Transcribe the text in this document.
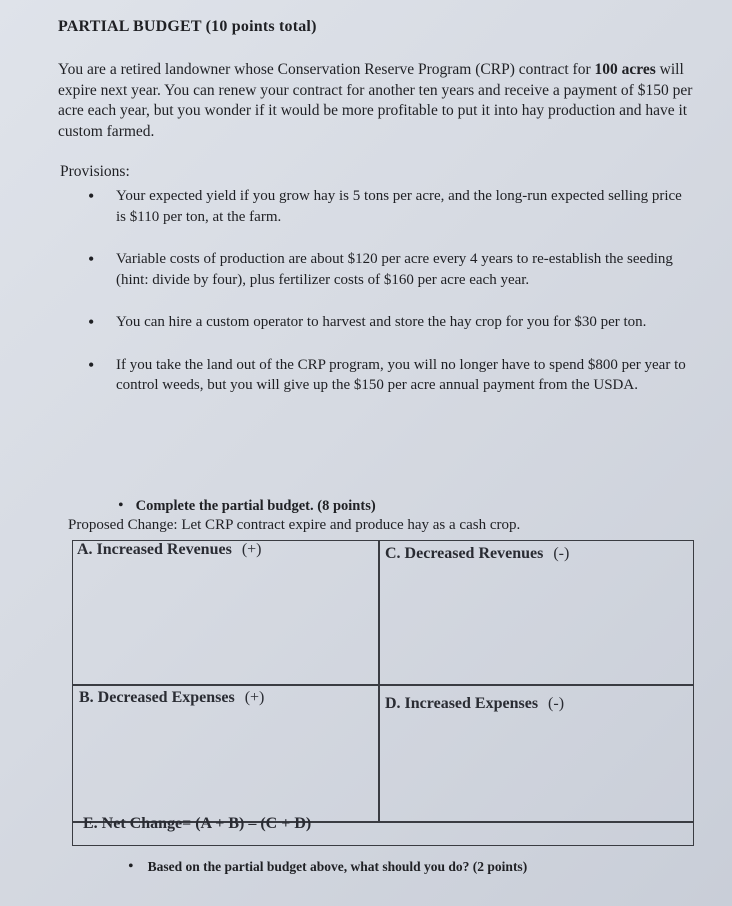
PARTIAL BUDGET (10 points total)
You are a retired landowner whose Conservation Reserve Program (CRP) contract for 100 acres will expire next year. You can renew your contract for another ten years and receive a payment of $150 per acre each year, but you wonder if it would be more profitable to put it into hay production and have it custom farmed.
Provisions:
• Your expected yield if you grow hay is 5 tons per acre, and the long-run expected selling price is $110 per ton, at the farm.
• Variable costs of production are about $120 per acre every 4 years to re-establish the seeding (hint: divide by four), plus fertilizer costs of $160 per acre each year.
• You can hire a custom operator to harvest and store the hay crop for you for $30 per ton.
• If you take the land out of the CRP program, you will no longer have to spend $800 per year to control weeds, but you will give up the $150 per acre annual payment from the USDA.
• Complete the partial budget. (8 points)
Proposed Change: Let CRP contract expire and produce hay as a cash crop.
A. Increased Revenues (+)	C. Decreased Revenues (-)
B. Decreased Expenses (+)	D. Increased Expenses (-)
E. Net Change= (A + B) – (C + D)
• Based on the partial budget above, what should you do? (2 points)
